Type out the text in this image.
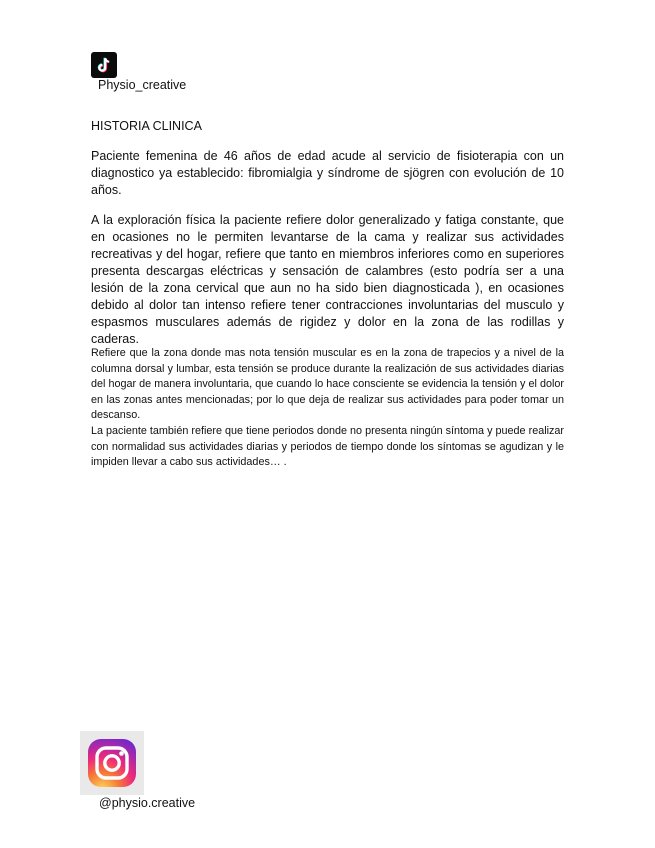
Physio_creative
HISTORIA CLINICA

Paciente femenina de 46 años de edad acude al servicio de fisioterapia con un diagnostico ya establecido: fibromialgia y síndrome de sjögren con evolución de 10 años.

A la exploración física la paciente refiere dolor generalizado y fatiga constante, que en ocasiones no le permiten levantarse de la cama y realizar sus actividades recreativas y del hogar, refiere que tanto en miembros inferiores como en superiores presenta descargas eléctricas y sensación de calambres (esto podría ser a una lesión de la zona cervical que aun no ha sido bien diagnosticada ), en ocasiones debido al dolor tan intenso refiere tener contracciones involuntarias del musculo y espasmos musculares además de rigidez y dolor en la zona de las rodillas y caderas.

Refiere que la zona donde mas nota tensión muscular es en la zona de trapecios y a nivel de la columna dorsal y lumbar, esta tensión se produce durante la realización de sus actividades diarias del hogar de manera involuntaria, que cuando lo hace consciente se evidencia la tensión y el dolor en las zonas antes mencionadas; por lo que deja de realizar sus actividades para poder tomar un descanso.

La paciente también refiere que tiene periodos donde no presenta ningún síntoma y puede realizar con normalidad sus actividades diarias y periodos de tiempo donde los síntomas se agudizan y le impiden llevar a cabo sus actividades… .

@physio.creative
